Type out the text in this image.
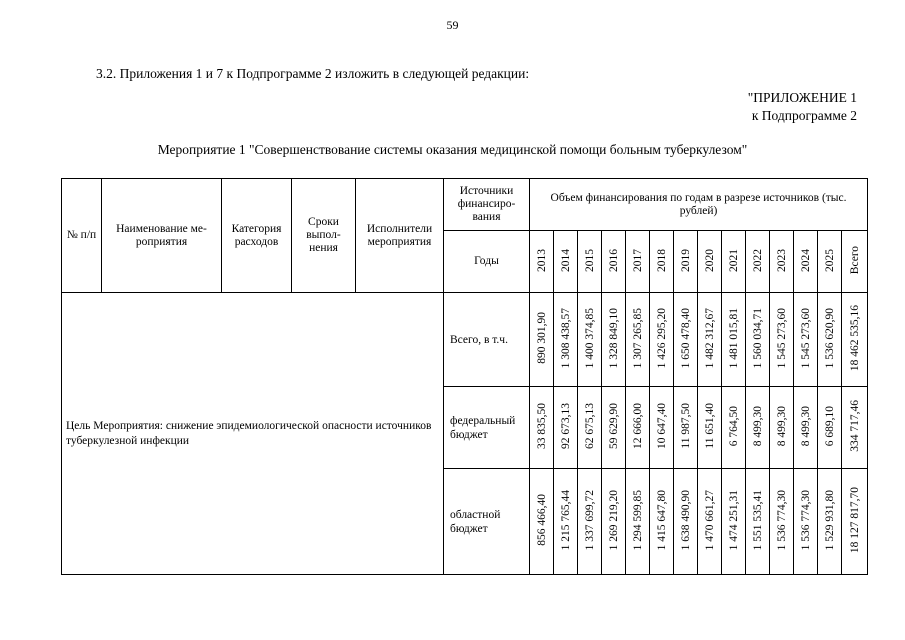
59
3.2. Приложения 1 и 7 к Подпрограмме 2 изложить в следующей редакции:
"ПРИЛОЖЕНИЕ 1
к Подпрограмме 2
Мероприятие 1 "Совершенствование системы оказания медицинской помощи больным туберкулезом"
№ п/п	Наименование ме-роприятия	Категория расходов	Сроки выпол-нения	Исполнители мероприятия	Источники финансиро-вания	Объем финансирования по годам в разрезе источников (тыс. рублей)													
					Годы	2013	2014	2015	2016	2017	2018	2019	2020	2021	2022	2023	2024	2025	Всего
Цель Мероприятия: снижение эпидемиологической опасности источников туберкулезной инфекции					Всего, в т.ч.	890 301,90	1 308 438,57	1 400 374,85	1 328 849,10	1 307 265,85	1 426 295,20	1 650 478,40	1 482 312,67	1 481 015,81	1 560 034,71	1 545 273,60	1 545 273,60	1 536 620,90	18 462 535,16
					федеральный бюджет	33 835,50	92 673,13	62 675,13	59 629,90	12 666,00	10 647,40	11 987,50	11 651,40	6 764,50	8 499,30	8 499,30	8 499,30	6 689,10	334 717,46
					областной бюджет	856 466,40	1 215 765,44	1 337 699,72	1 269 219,20	1 294 599,85	1 415 647,80	1 638 490,90	1 470 661,27	1 474 251,31	1 551 535,41	1 536 774,30	1 536 774,30	1 529 931,80	18 127 817,70
